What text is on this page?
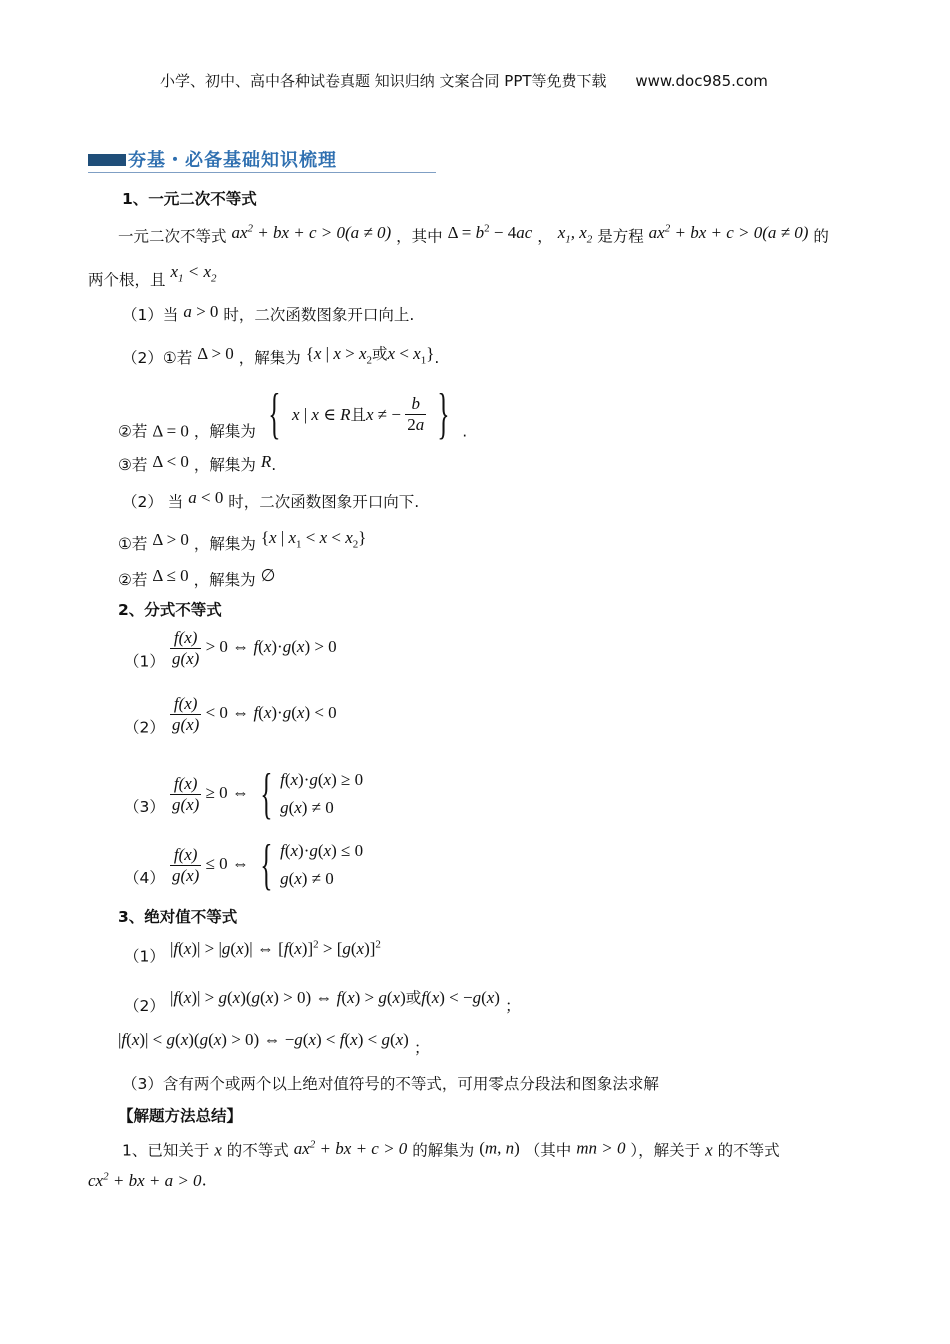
小学、初中、高中各种试卷真题 知识归纳 文案合同 PPT等免费下载 www.doc985.com
夯基・必备基础知识梳理
1、一元二次不等式
一元二次不等式 $ax^2$ + bx + c > 0(a ≠ 0) ，其中 $\Delta = b^2 - 4ac$ ， $x_1$, $x_2$ 是方程 $ax^2$ + bx + c > 0(a ≠ 0) 的
两个根，且 $x_1 < x_2$
（1）当 a > 0 时，二次函数图象开口向上.
（2）①若 Δ > 0 ，解集为 {x | $x > x_2$或$x < x_1$}.
②若 Δ = 0 ，解集为 { x | x ∈ R且x ≠ − $\frac{b}{2a}$ } .
③若 Δ < 0 ，解集为 R.
（2） 当 a < 0 时，二次函数图象开口向下.
①若 Δ > 0 ，解集为 {x | $x_1 < x < x_2$}
②若 Δ ≤ 0 ，解集为 ∅
2、分式不等式
$(1) \frac{f(x)}{g(x)} > 0$ ⇔ f(x)·g(x) > 0
$(2) \frac{f(x)}{g(x)} < 0$ ⇔ f(x)·g(x) < 0
$(3) \frac{f(x)}{g(x)} \ge 0$ ⇔ { f(x)·g(x) ≥ 0
g(x) ≠ 0
$(4) \frac{f(x)}{g(x)} \le 0$ ⇔ { f(x)·g(x) ≤ 0
g(x) ≠ 0
3、绝对值不等式
（1） |f(x)| > |g(x)| ⇔ $[f(x)]^2 > [g(x)]^2$
（2） |f(x)| > g(x)(g(x) > 0) ⇔ f(x) > g(x)或f(x) < −g(x) ；
|f(x)| < g(x)(g(x) > 0) ⇔ −g(x) < f(x) < g(x) ；
（3）含有两个或两个以上绝对值符号的不等式，可用零点分段法和图象法求解
【解题方法总结】
1、已知关于 x 的不等式 $ax^2$ + bx + c > 0 的解集为 (m, n) （其中 mn > 0 ），解关于 x 的不等式
$cx^2$ + bx + a > 0.
